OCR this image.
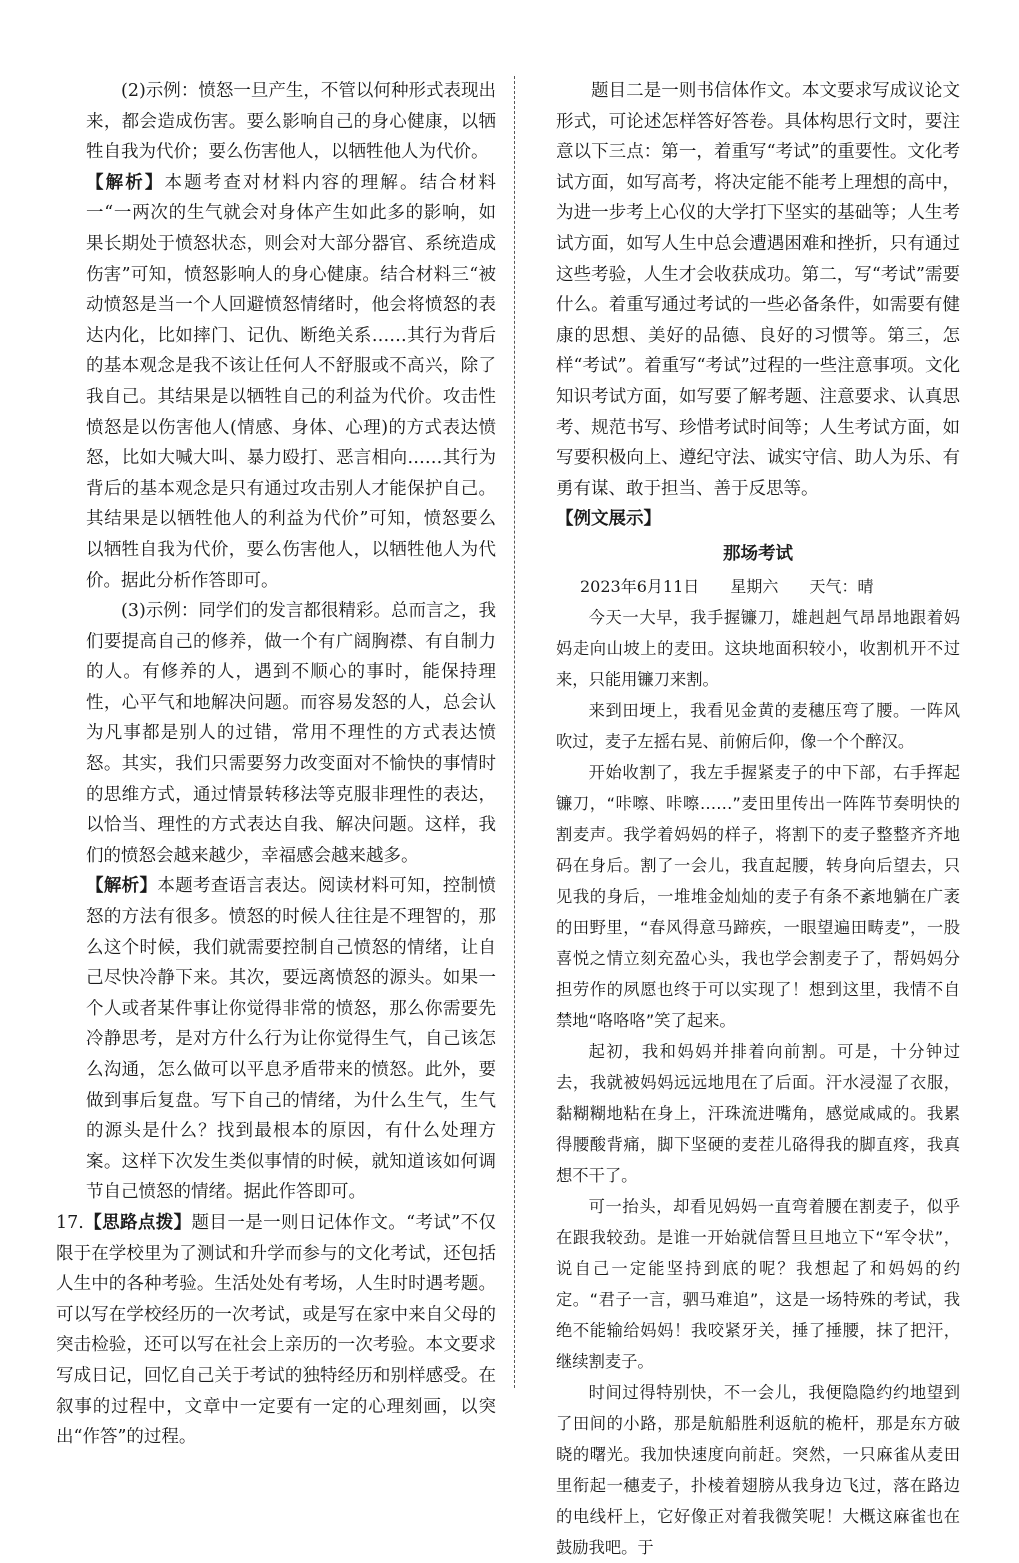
(2)示例：愤怒一旦产生，不管以何种形式表现出来，都会造成伤害。要么影响自己的身心健康，以牺牲自我为代价；要么伤害他人，以牺牲他人为代价。

【解析】本题考查对材料内容的理解。结合材料一“一两次的生气就会对身体产生如此多的影响，如果长期处于愤怒状态，则会对大部分器官、系统造成伤害”可知，愤怒影响人的身心健康。结合材料三“被动愤怒是当一个人回避愤怒情绪时，他会将愤怒的表达内化，比如摔门、记仇、断绝关系……其行为背后的基本观念是我不该让任何人不舒服或不高兴，除了我自己。其结果是以牺牲自己的利益为代价。攻击性愤怒是以伤害他人(情感、身体、心理)的方式表达愤怒，比如大喊大叫、暴力殴打、恶言相向……其行为背后的基本观念是只有通过攻击别人才能保护自己。其结果是以牺牲他人的利益为代价”可知，愤怒要么以牺牲自我为代价，要么伤害他人，以牺牲他人为代价。据此分析作答即可。

(3)示例：同学们的发言都很精彩。总而言之，我们要提高自己的修养，做一个有广阔胸襟、有自制力的人。有修养的人，遇到不顺心的事时，能保持理性，心平气和地解决问题。而容易发怒的人，总会认为凡事都是别人的过错，常用不理性的方式表达愤怒。其实，我们只需要努力改变面对不愉快的事情时的思维方式，通过情景转移法等克服非理性的表达，以恰当、理性的方式表达自我、解决问题。这样，我们的愤怒会越来越少，幸福感会越来越多。

【解析】本题考查语言表达。阅读材料可知，控制愤怒的方法有很多。愤怒的时候人往往是不理智的，那么这个时候，我们就需要控制自己愤怒的情绪，让自己尽快冷静下来。其次，要远离愤怒的源头。如果一个人或者某件事让你觉得非常的愤怒，那么你需要先冷静思考，是对方什么行为让你觉得生气，自己该怎么沟通，怎么做可以平息矛盾带来的愤怒。此外，要做到事后复盘。写下自己的情绪，为什么生气，生气的源头是什么？找到最根本的原因，有什么处理方案。这样下次发生类似事情的时候，就知道该如何调节自己愤怒的情绪。据此作答即可。

17.【思路点拨】题目一是一则日记体作文。“考试”不仅限于在学校里为了测试和升学而参与的文化考试，还包括人生中的各种考验。生活处处有考场，人生时时遇考题。可以写在学校经历的一次考试，或是写在家中来自父母的突击检验，还可以写在社会上亲历的一次考验。本文要求写成日记，回忆自己关于考试的独特经历和别样感受。在叙事的过程中，文章中一定要有一定的心理刻画，以突出“作答”的过程。

题目二是一则书信体作文。本文要求写成议论文形式，可论述怎样答好答卷。具体构思行文时，要注意以下三点：第一，着重写“考试”的重要性。文化考试方面，如写高考，将决定能不能考上理想的高中，为进一步考上心仪的大学打下坚实的基础等；人生考试方面，如写人生中总会遭遇困难和挫折，只有通过这些考验，人生才会收获成功。第二，写“考试”需要什么。着重写通过考试的一些必备条件，如需要有健康的思想、美好的品德、良好的习惯等。第三，怎样“考试”。着重写“考试”过程的一些注意事项。文化知识考试方面，如写要了解考题、注意要求、认真思考、规范书写、珍惜考试时间等；人生考试方面，如写要积极向上、遵纪守法、诚实守信、助人为乐、有勇有谋、敢于担当、善于反思等。

【例文展示】

那场考试

2023年6月11日 星期六 天气：晴

今天一大早，我手握镰刀，雄赳赳气昂昂地跟着妈妈走向山坡上的麦田。这块地面积较小，收割机开不过来，只能用镰刀来割。

来到田埂上，我看见金黄的麦穗压弯了腰。一阵风吹过，麦子左摇右晃、前俯后仰，像一个个醉汉。

开始收割了，我左手握紧麦子的中下部，右手挥起镰刀，“咔嚓、咔嚓……”麦田里传出一阵阵节奏明快的割麦声。我学着妈妈的样子，将割下的麦子整整齐齐地码在身后。割了一会儿，我直起腰，转身向后望去，只见我的身后，一堆堆金灿灿的麦子有条不紊地躺在广袤的田野里，“春风得意马蹄疾，一眼望遍田畴麦”，一股喜悦之情立刻充盈心头，我也学会割麦子了，帮妈妈分担劳作的夙愿也终于可以实现了！想到这里，我情不自禁地“咯咯咯”笑了起来。

起初，我和妈妈并排着向前割。可是，十分钟过去，我就被妈妈远远地甩在了后面。汗水浸湿了衣服，黏糊糊地粘在身上，汗珠流进嘴角，感觉咸咸的。我累得腰酸背痛，脚下坚硬的麦茬儿硌得我的脚直疼，我真想不干了。

可一抬头，却看见妈妈一直弯着腰在割麦子，似乎在跟我较劲。是谁一开始就信誓旦旦地立下“军令状”，说自己一定能坚持到底的呢？我想起了和妈妈的约定。“君子一言，驷马难追”，这是一场特殊的考试，我绝不能输给妈妈！我咬紧牙关，捶了捶腰，抹了把汗，继续割麦子。

时间过得特别快，不一会儿，我便隐隐约约地望到了田间的小路，那是航船胜利返航的桅杆，那是东方破晓的曙光。我加快速度向前赶。突然，一只麻雀从麦田里衔起一穗麦子，扑棱着翅膀从我身边飞过，落在路边的电线杆上，它好像正对着我微笑呢！大概这麻雀也在鼓励我吧。于
